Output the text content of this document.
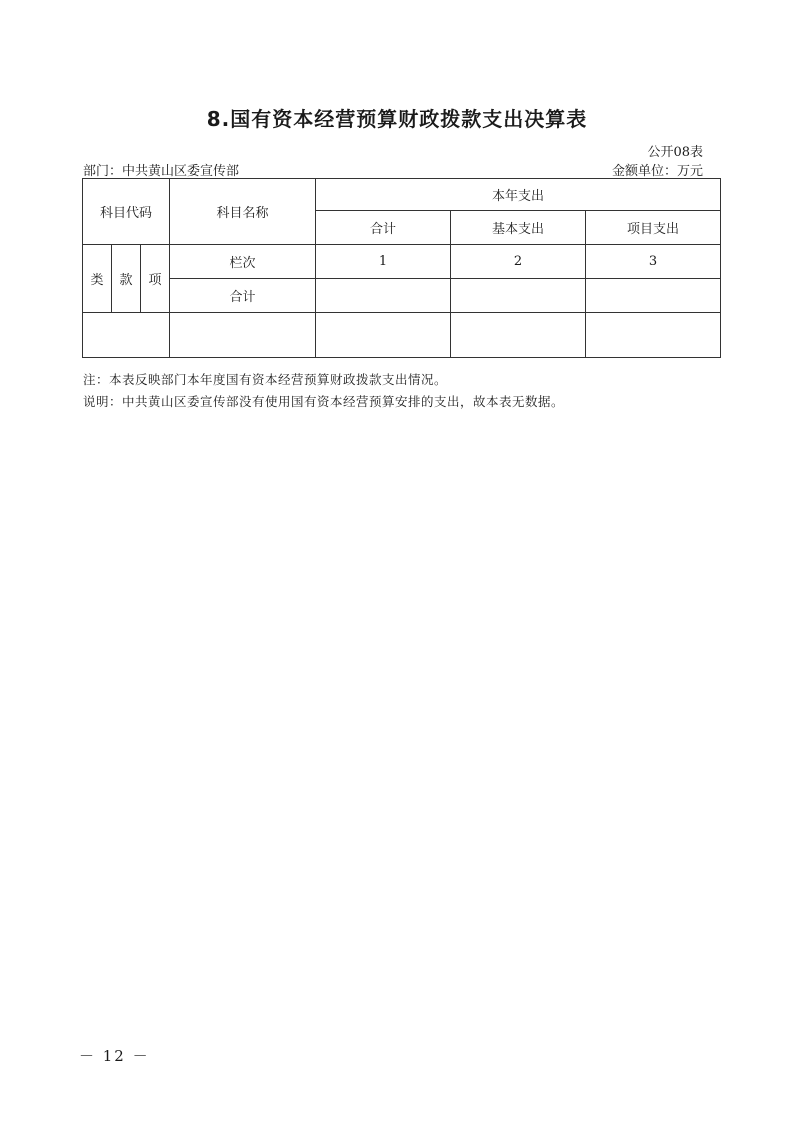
8.国有资本经营预算财政拨款支出决算表
公开08表
部门：中共黄山区委宣传部	金额单位：万元
科目代码			科目名称	本年支出		
				合计	基本支出	项目支出
类	款	项	栏次	1	2	3
			合计			

注：本表反映部门本年度国有资本经营预算财政拨款支出情况。
说明：中共黄山区委宣传部没有使用国有资本经营预算安排的支出，故本表无数据。
－ 12 －
